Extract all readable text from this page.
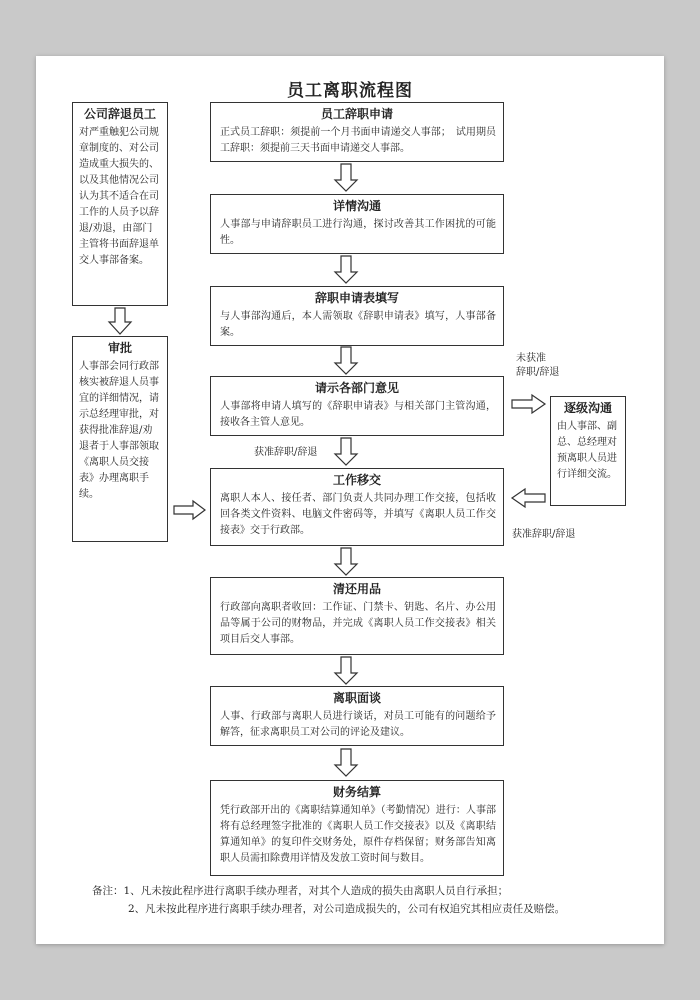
员工离职流程图
员工辞职申请
正式员工辞职：须提前一个月书面申请递交人事部；　试用期员工辞职：须提前三天书面申请递交人事部。
详情沟通
人事部与申请辞职员工进行沟通，探讨改善其工作困扰的可能性。
辞职申请表填写
与人事部沟通后，本人需领取《辞职申请表》填写，人事部备案。
请示各部门意见
人事部将申请人填写的《辞职申请表》与相关部门主管沟通，接收各主管人意见。
工作移交
离职人本人、接任者、部门负责人共同办理工作交接，包括收回各类文件资料、电脑文件密码等，并填写《离职人员工作交接表》交于行政部。
清还用品
行政部向离职者收回：工作证、门禁卡、钥匙、名片、办公用品等属于公司的财物品，并完成《离职人员工作交接表》相关项目后交人事部。
离职面谈
人事、行政部与离职人员进行谈话，对员工可能有的问题给予解答，征求离职员工对公司的评论及建议。
财务结算
凭行政部开出的《离职结算通知单》（考勤情况）进行：人事部将有总经理签字批准的《离职人员工作交接表》以及《离职结算通知单》的复印件交财务处，原件存档保留；财务部告知离职人员需扣除费用详情及发放工资时间与数目。
公司辞退员工
对严重触犯公司规章制度的、对公司造成重大损失的、以及其他情况公司认为其不适合在司工作的人员予以辞退/劝退，由部门主管将书面辞退单交人事部备案。
审批
人事部会同行政部核实被辞退人员事宜的详细情况，请示总经理审批，对获得批准辞退/劝退者于人事部领取《离职人员交接表》办理离职手续。
逐级沟通
由人事部、副总、总经理对预离职人员进行详细交流。
未获准
辞职/辞退
获准辞职/辞退
获准辞职/辞退
备注：1、凡未按此程序进行离职手续办理者，对其个人造成的损失由离职人员自行承担；
2、凡未按此程序进行离职手续办理者，对公司造成损失的，公司有权追究其相应责任及赔偿。
